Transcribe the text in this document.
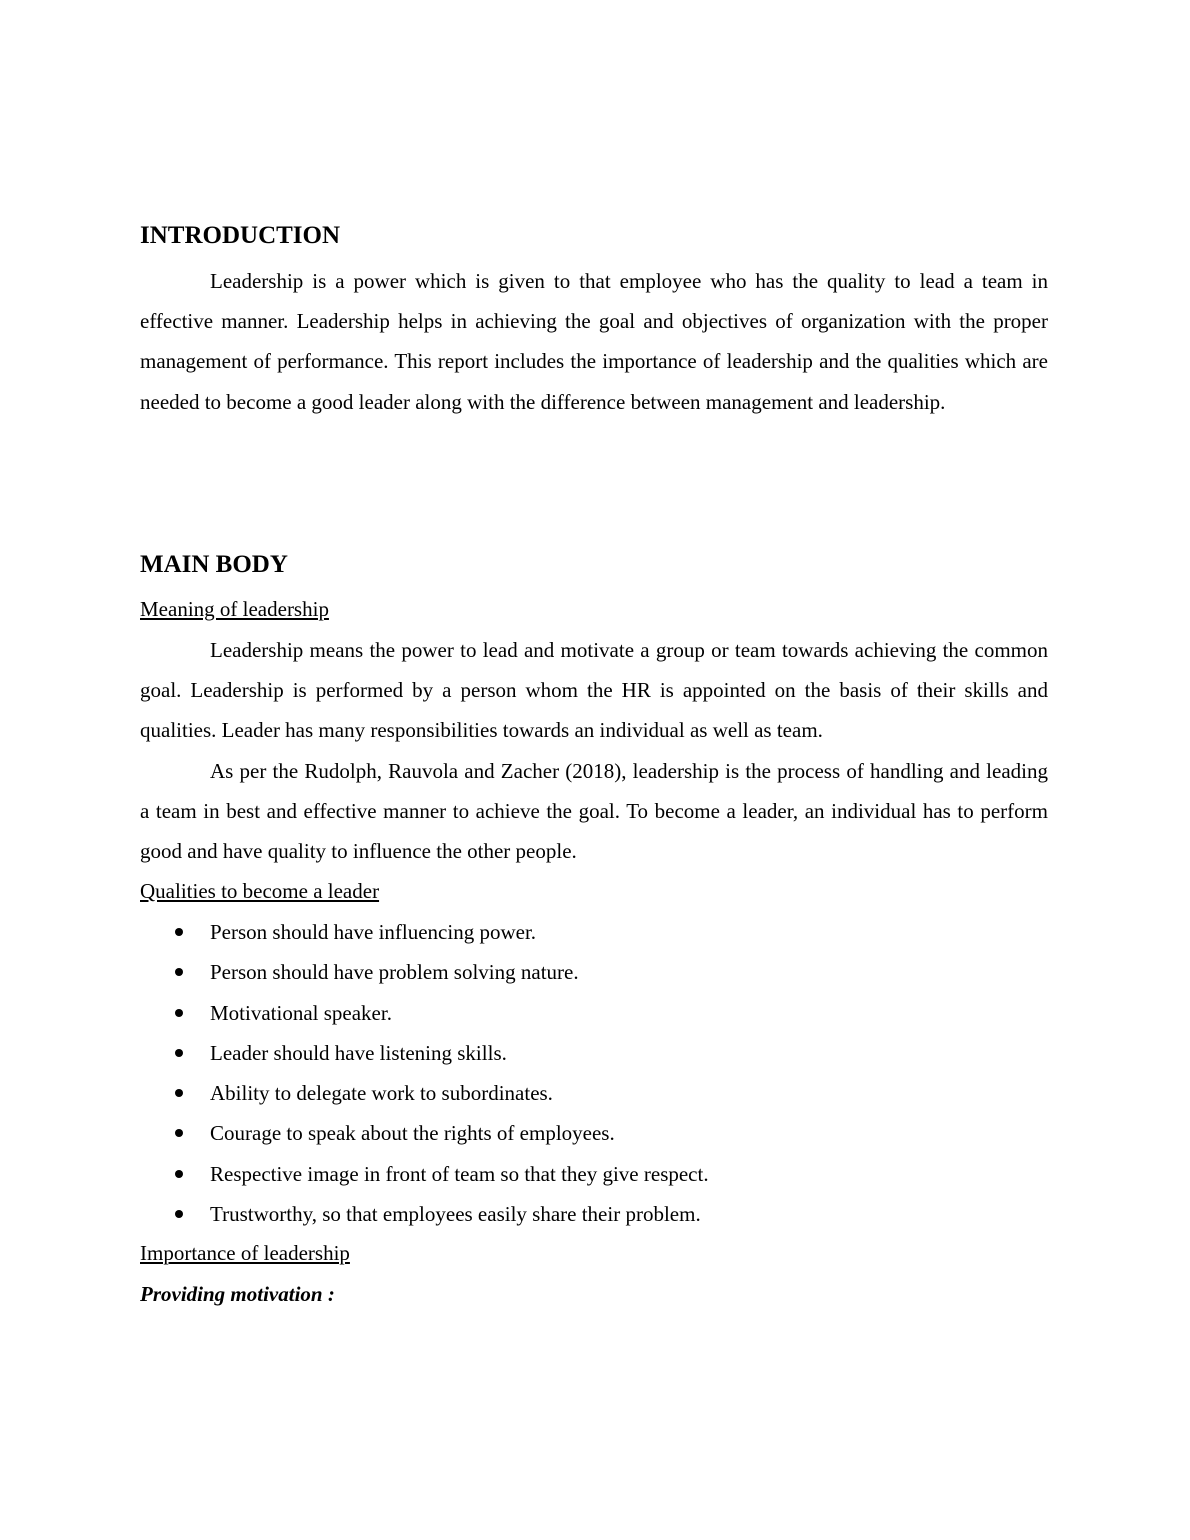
INTRODUCTION

Leadership is a power which is given to that employee who has the quality to lead a team in effective manner. Leadership helps in achieving the goal and objectives of organization with the proper management of performance. This report includes the importance of leadership and the qualities which are needed to become a good leader along with the difference between management and leadership.

MAIN BODY

Meaning of leadership

Leadership means the power to lead and motivate a group or team towards achieving the common goal. Leadership is performed by a person whom the HR is appointed on the basis of their skills and qualities. Leader has many responsibilities towards an individual as well as team.

As per the Rudolph, Rauvola and Zacher (2018), leadership is the process of handling and leading a team in best and effective manner to achieve the goal. To become a leader, an individual has to perform good and have quality to influence the other people.

Qualities to become a leader

Person should have influencing power.
Person should have problem solving nature.
Motivational speaker.
Leader should have listening skills.
Ability to delegate work to subordinates.
Courage to speak about the rights of employees.
Respective image in front of team so that they give respect.
Trustworthy, so that employees easily share their problem.

Importance of leadership

Providing motivation :
